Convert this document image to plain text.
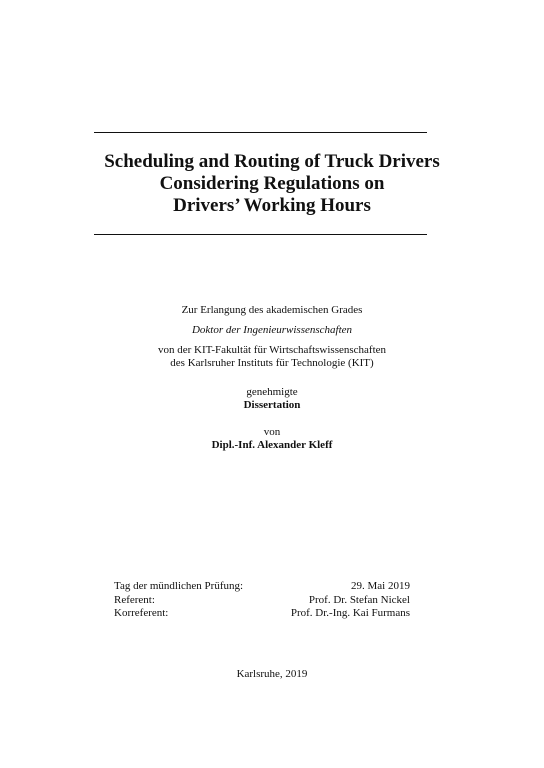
Scheduling and Routing of Truck Drivers
Considering Regulations on
Drivers’ Working Hours
Zur Erlangung des akademischen Grades
Doktor der Ingenieurwissenschaften
von der KIT-Fakultät für Wirtschaftswissenschaften
des Karlsruher Instituts für Technologie (KIT)
genehmigte
Dissertation
von
Dipl.-Inf. Alexander Kleff
Tag der mündlichen Prüfung:	29. Mai 2019
Referent:	Prof. Dr. Stefan Nickel
Korreferent:	Prof. Dr.-Ing. Kai Furmans
Karlsruhe, 2019
